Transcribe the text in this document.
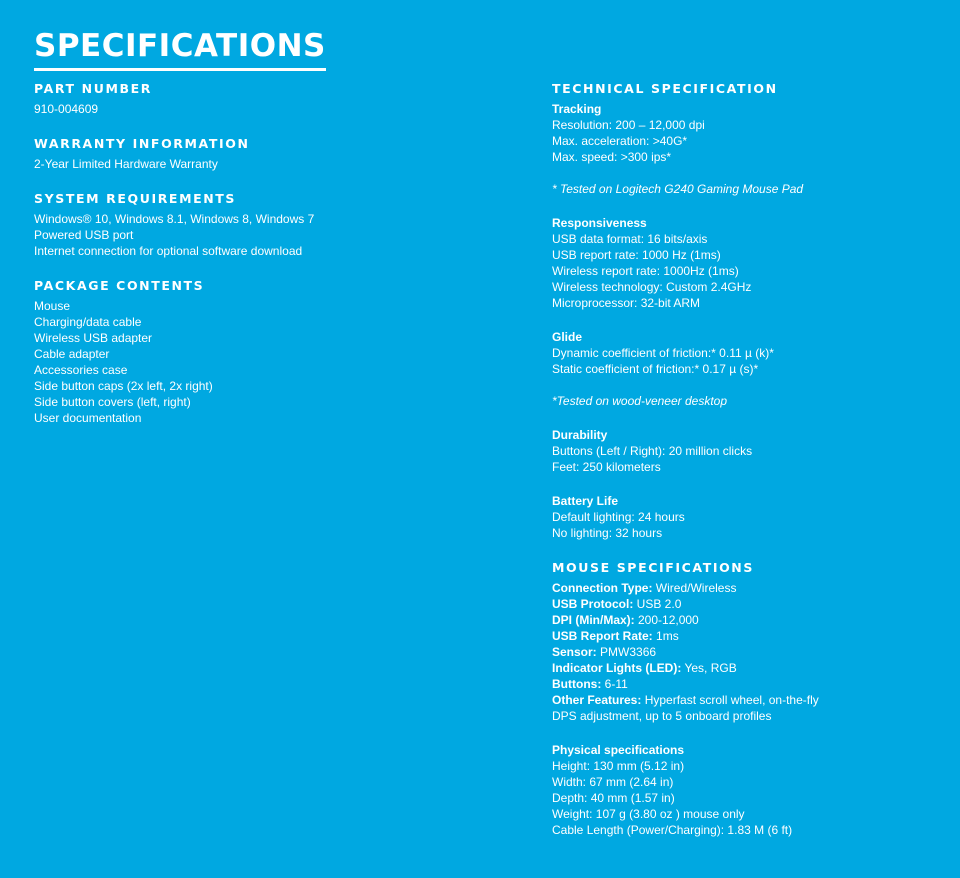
SPECIFICATIONS
PART NUMBER
910-004609
WARRANTY INFORMATION
2-Year Limited Hardware Warranty
SYSTEM REQUIREMENTS
Windows® 10, Windows 8.1, Windows 8, Windows 7
Powered USB port
Internet connection for optional software download
PACKAGE CONTENTS
Mouse
Charging/data cable
Wireless USB adapter
Cable adapter
Accessories case
Side button caps (2x left, 2x right)
Side button covers (left, right)
User documentation
TECHNICAL SPECIFICATION
Tracking
Resolution: 200 – 12,000 dpi
Max. acceleration: >40G*
Max. speed: >300 ips*
* Tested on Logitech G240 Gaming Mouse Pad
Responsiveness
USB data format: 16 bits/axis
USB report rate: 1000 Hz (1ms)
Wireless report rate: 1000Hz (1ms)
Wireless technology: Custom 2.4GHz
Microprocessor: 32-bit ARM
Glide
Dynamic coefficient of friction:* 0.11 µ (k)*
Static coefficient of friction:* 0.17 µ (s)*
*Tested on wood-veneer desktop
Durability
Buttons (Left / Right): 20 million clicks
Feet: 250 kilometers
Battery Life
Default lighting: 24 hours
No lighting: 32 hours
MOUSE SPECIFICATIONS
Connection Type: Wired/Wireless
USB Protocol: USB 2.0
DPI (Min/Max): 200-12,000
USB Report Rate: 1ms
Sensor: PMW3366
Indicator Lights (LED): Yes, RGB
Buttons: 6-11
Other Features: Hyperfast scroll wheel, on-the-fly
DPS adjustment, up to 5 onboard profiles
Physical specifications
Height: 130 mm (5.12 in)
Width: 67 mm (2.64 in)
Depth: 40 mm (1.57 in)
Weight: 107 g (3.80 oz ) mouse only
Cable Length (Power/Charging): 1.83 M (6 ft)
